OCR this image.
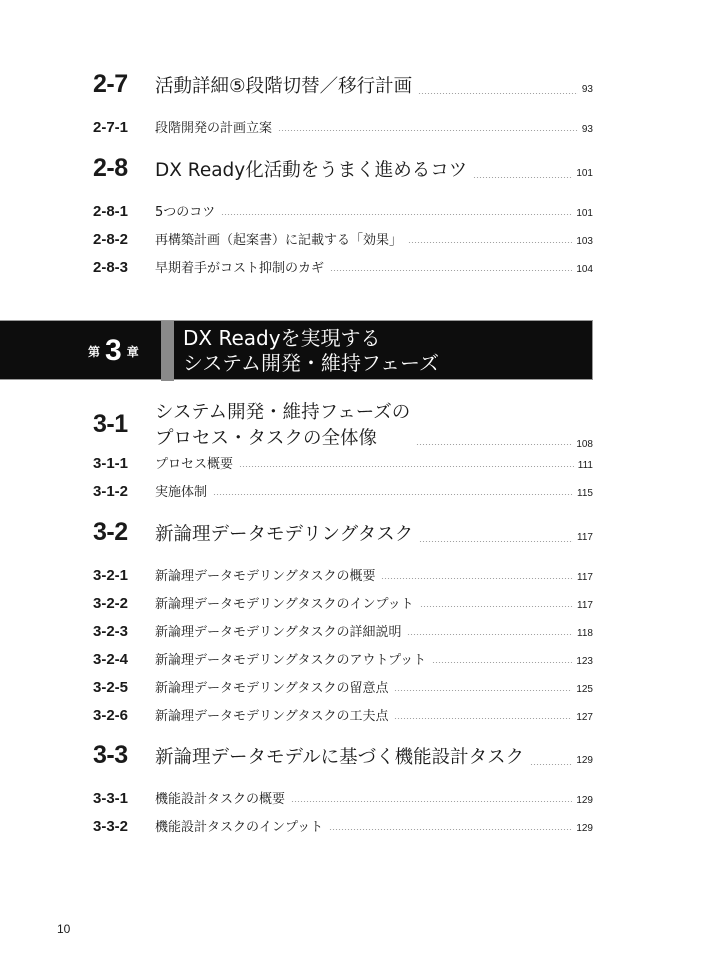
2-7	活動詳細⑤段階切替／移行計画	93
2-7-1	段階開発の計画立案	93
2-8	DX Ready化活動をうまく進めるコツ	101
2-8-1	5つのコツ	101
2-8-2	再構築計画（起案書）に記載する「効果」	103
2-8-3	早期着手がコスト抑制のカギ	104
第 3 章
DX Readyを実現する
システム開発・維持フェーズ
3-1	システム開発・維持フェーズの
プロセス・タスクの全体像	108
3-1-1	プロセス概要	111
3-1-2	実施体制	115
3-2	新論理データモデリングタスク	117
3-2-1	新論理データモデリングタスクの概要	117
3-2-2	新論理データモデリングタスクのインプット	117
3-2-3	新論理データモデリングタスクの詳細説明	118
3-2-4	新論理データモデリングタスクのアウトプット	123
3-2-5	新論理データモデリングタスクの留意点	125
3-2-6	新論理データモデリングタスクの工夫点	127
3-3	新論理データモデルに基づく機能設計タスク	129
3-3-1	機能設計タスクの概要	129
3-3-2	機能設計タスクのインプット	129
10
